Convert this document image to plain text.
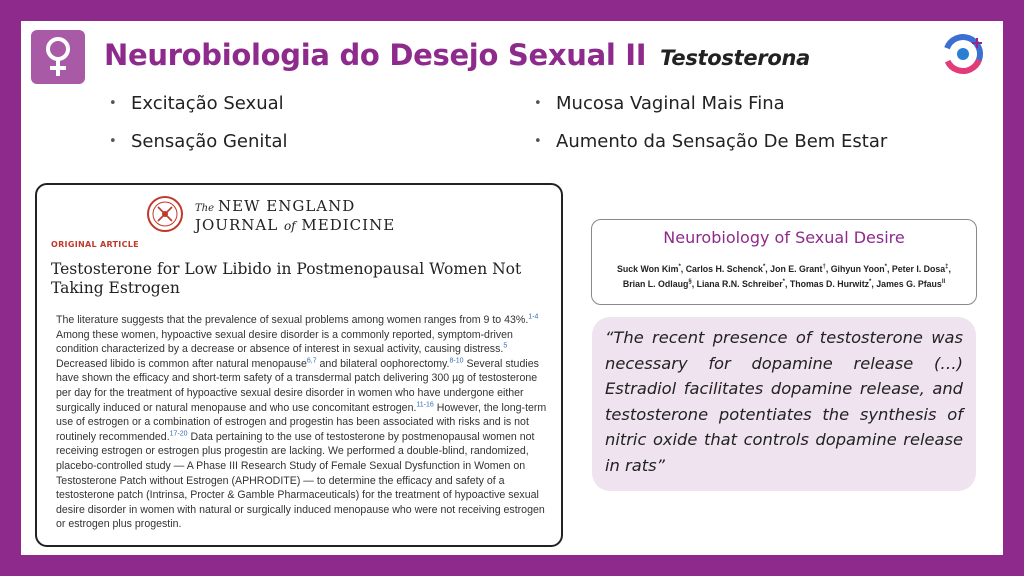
Neurobiologia do Desejo Sexual II Testosterona
• Excitação Sexual
• Sensação Genital
• Mucosa Vaginal Mais Fina
• Aumento da Sensação De Bem Estar
The NEW ENGLAND
JOURNAL of MEDICINE
ORIGINAL ARTICLE
Testosterone for Low Libido in Postmenopausal Women Not Taking Estrogen
The literature suggests that the prevalence of sexual problems among women ranges from 9 to 43%.$^{1-4}$ Among these women, hypoactive sexual desire disorder is a commonly reported, symptom-driven condition characterized by a decrease or absence of interest in sexual activity, causing distress.$^5$ Decreased libido is common after natural menopause$^{6,7}$ and bilateral oophorectomy.$^{8-10}$ Several studies have shown the efficacy and short-term safety of a transdermal patch delivering 300 µg of testosterone per day for the treatment of hypoactive sexual desire disorder in women who have undergone either surgically induced or natural menopause and who use concomitant estrogen.$^{11-16}$ However, the long-term use of estrogen or a combination of estrogen and progestin has been associated with risks and is not routinely recommended.$^{17-20}$ Data pertaining to the use of testosterone by postmenopausal women not receiving estrogen or estrogen plus progestin are lacking. We performed a double-blind, randomized, placebo-controlled study — A Phase III Research Study of Female Sexual Dysfunction in Women on Testosterone Patch without Estrogen (APHRODITE) — to determine the efficacy and safety of a testosterone patch (Intrinsa, Procter & Gamble Pharmaceuticals) for the treatment of hypoactive sexual desire disorder in women with natural or surgically induced menopause who were not receiving estrogen or estrogen plus progestin.
Neurobiology of Sexual Desire
Suck Won Kim*, Carlos H. Schenck*, Jon E. Grant†, Gihyun Yoon*, Peter I. Dosa‡,
Brian L. Odlaug§, Liana R.N. Schreiber*, Thomas D. Hurwitz*, James G. Pfaus$^{ll}$
“The recent presence of testosterone was necessary for dopamine release (…) Estradiol facilitates dopamine release, and testosterone potentiates the synthesis of nitric oxide that controls dopamine release in rats”
